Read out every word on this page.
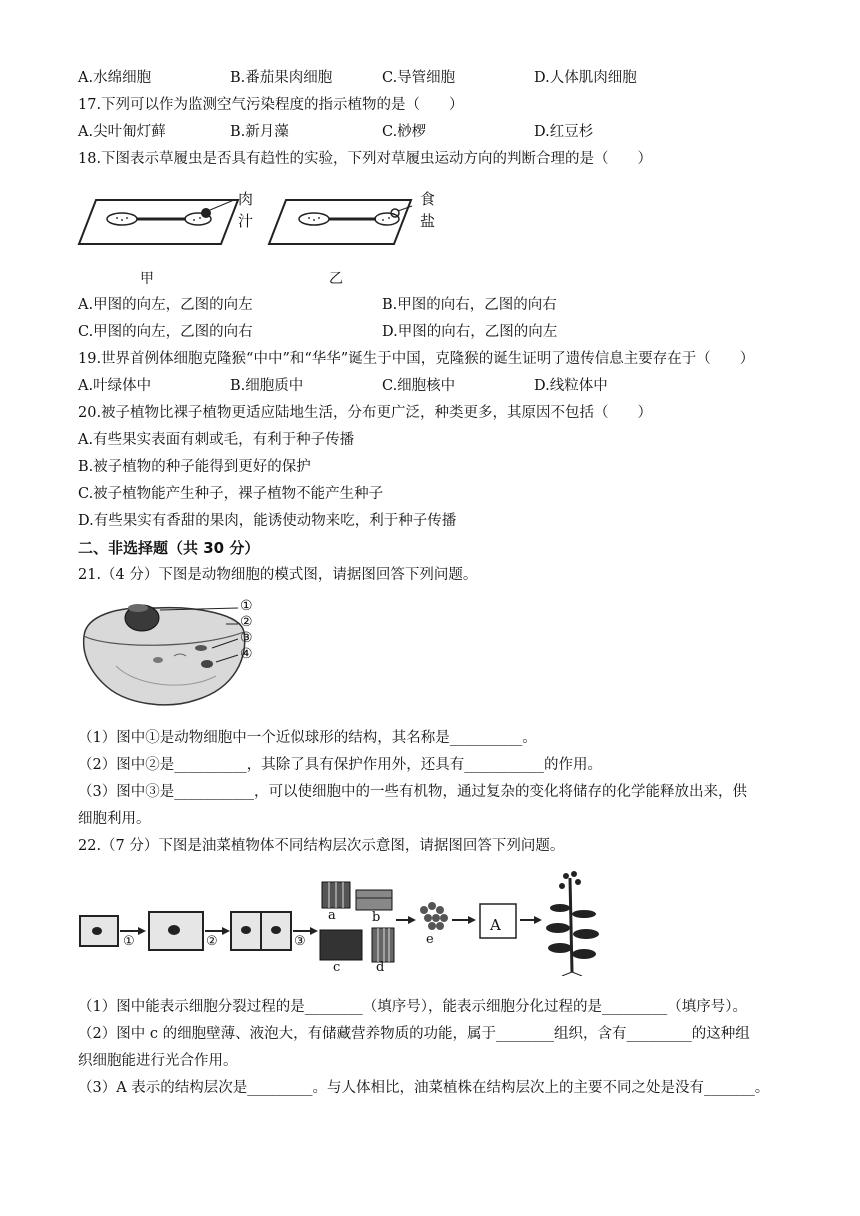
A.水绵细胞	B.番茄果肉细胞	C.导管细胞	D.人体肌肉细胞
17.下列可以作为监测空气污染程度的指示植物的是（　　）
A.尖叶匍灯藓	B.新月藻	C.桫椤	D.红豆杉
18.下图表示草履虫是否具有趋性的实验，下列对草履虫运动方向的判断合理的是（　　）
肉
汁
食
盐
甲	乙
A.甲图的向左，乙图的向左	B.甲图的向右，乙图的向右
C.甲图的向左，乙图的向右	D.甲图的向右，乙图的向左
19.世界首例体细胞克隆猴“中中”和“华华”诞生于中国，克隆猴的诞生证明了遗传信息主要存在于（　　）
A.叶绿体中	B.细胞质中	C.细胞核中	D.线粒体中
20.被子植物比裸子植物更适应陆地生活，分布更广泛，种类更多，其原因不包括（　　）
A.有些果实表面有刺或毛，有利于种子传播
B.被子植物的种子能得到更好的保护
C.被子植物能产生种子，裸子植物不能产生种子
D.有些果实有香甜的果肉，能诱使动物来吃，利于种子传播
二、非选择题（共 30 分）
21.（4 分）下图是动物细胞的模式图，请据图回答下列问题。
①
②
③
④
（1）图中①是动物细胞中一个近似球形的结构，其名称是__________。
（2）图中②是__________，其除了具有保护作用外，还具有___________的作用。
（3）图中③是___________，可以使细胞中的一些有机物，通过复杂的变化将储存的化学能释放出来，供
细胞利用。
22.（7 分）下图是油菜植物体不同结构层次示意图，请据图回答下列问题。
①	②	③
a	b
c	d
e
A
（1）图中能表示细胞分裂过程的是________（填序号），能表示细胞分化过程的是_________（填序号）。
（2）图中 c 的细胞壁薄、液泡大，有储藏营养物质的功能，属于________组织，含有_________的这种组
织细胞能进行光合作用。
（3）A 表示的结构层次是_________。与人体相比，油菜植株在结构层次上的主要不同之处是没有_______。
